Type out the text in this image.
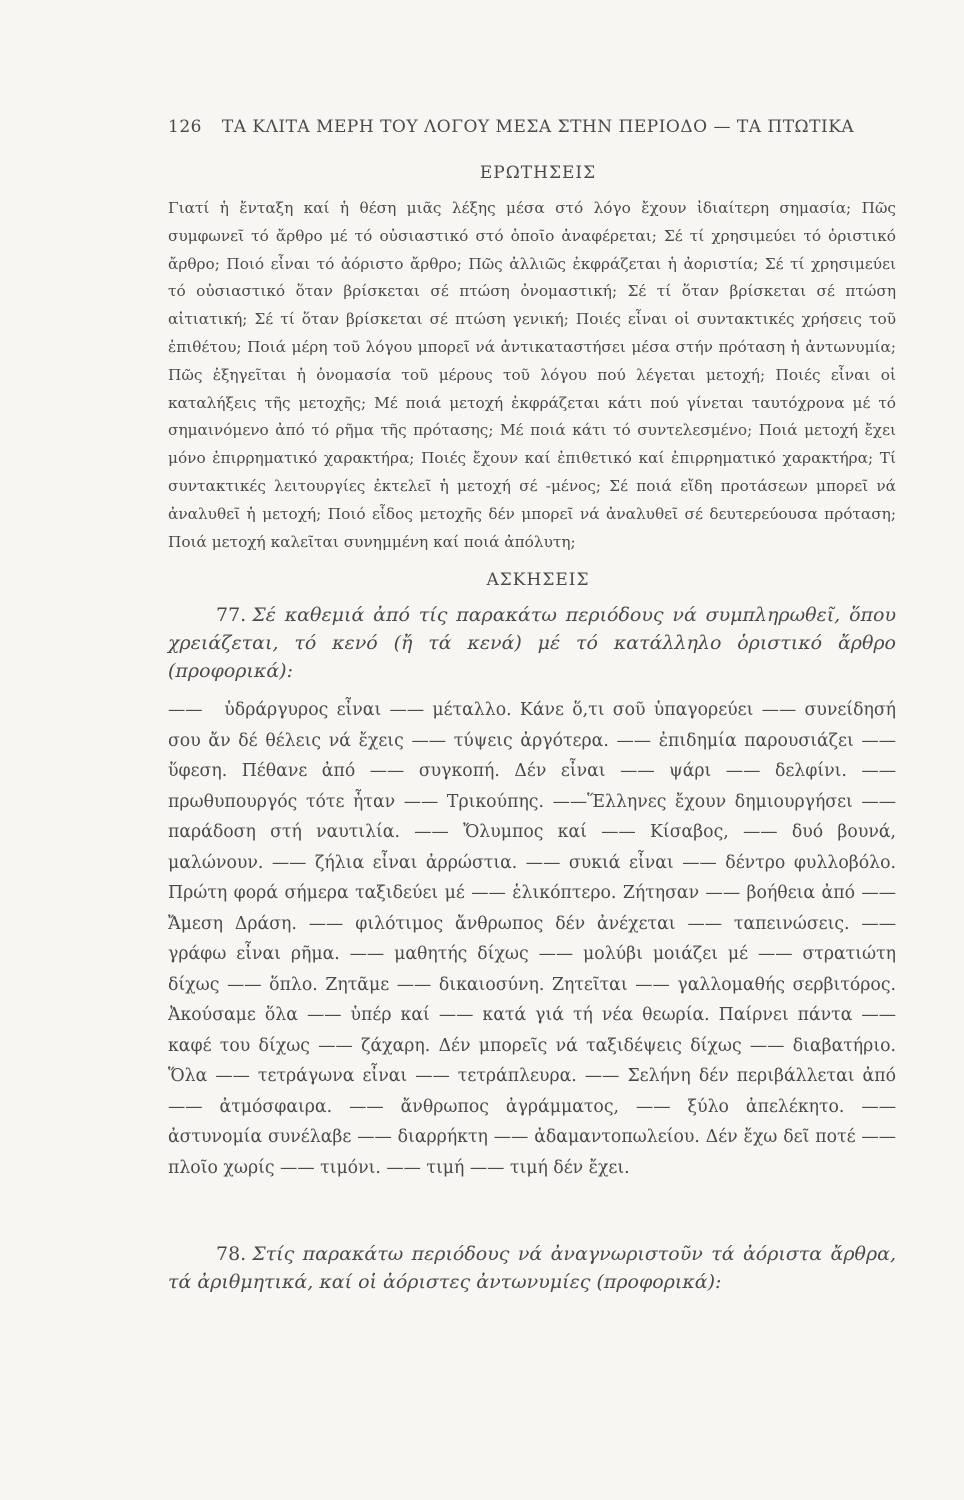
126 ΤΑ ΚΛΙΤΑ ΜΕΡΗ ΤΟΥ ΛΟΓΟΥ ΜΕΣΑ ΣΤΗΝ ΠΕΡΙΟΔΟ — ΤΑ ΠΤΩΤΙΚΑ
ΕΡΩΤΗΣΕΙΣ
Γιατί ἡ ἔνταξη καί ἡ θέση μιᾶς λέξης μέσα στό λόγο ἔχουν ἰδιαίτερη σημασία; Πῶς συμφωνεῖ τό ἄρθρο μέ τό οὐσιαστικό στό ὁποῖο ἀναφέρεται; Σέ τί χρησιμεύει τό ὁριστικό ἄρθρο; Ποιό εἶναι τό ἀόριστο ἄρθρο; Πῶς ἀλλιῶς ἐκφράζεται ἡ ἀοριστία; Σέ τί χρησιμεύει τό οὐσιαστικό ὅταν βρίσκεται σέ πτώση ὀνομαστική; Σέ τί ὅταν βρίσκεται σέ πτώση αἰτιατική; Σέ τί ὅταν βρίσκεται σέ πτώση γενική; Ποιές εἶναι οἱ συντακτικές χρήσεις τοῦ ἐπιθέτου; Ποιά μέρη τοῦ λόγου μπορεῖ νά ἀντικαταστήσει μέσα στήν πρόταση ἡ ἀντωνυμία; Πῶς ἐξηγεῖται ἡ ὀνομασία τοῦ μέρους τοῦ λόγου πού λέγεται μετοχή; Ποιές εἶναι οἱ καταλήξεις τῆς μετοχῆς; Μέ ποιά μετοχή ἐκφράζεται κάτι πού γίνεται ταυτόχρονα μέ τό σημαινόμενο ἀπό τό ρῆμα τῆς πρότασης; Μέ ποιά κάτι τό συντελεσμένο; Ποιά μετοχή ἔχει μόνο ἐπιρρηματικό χαρακτήρα; Ποιές ἔχουν καί ἐπιθετικό καί ἐπιρρηματικό χαρακτήρα; Τί συντακτικές λειτουργίες ἐκτελεῖ ἡ μετοχή σέ -μένος; Σέ ποιά εἴδη προτάσεων μπορεῖ νά ἀναλυθεῖ ἡ μετοχή; Ποιό εἶδος μετοχῆς δέν μπορεῖ νά ἀναλυθεῖ σέ δευτερεύουσα πρόταση; Ποιά μετοχή καλεῖται συνημμένη καί ποιά ἀπόλυτη;
ΑΣΚΗΣΕΙΣ
77. Σέ καθεμιά ἀπό τίς παρακάτω περιόδους νά συμπληρωθεῖ, ὅπου χρειάζεται, τό κενό (ἤ τά κενά) μέ τό κατάλληλο ὁριστικό ἄρθρο (προφορικά):
—— ὑδράργυρος εἶναι —— μέταλλο. Κάνε ὅ,τι σοῦ ὑπαγορεύει —— συνείδησή σου ἄν δέ θέλεις νά ἔχεις —— τύψεις ἀργότερα. —— ἐπιδημία παρουσιάζει —— ὕφεση. Πέθανε ἀπό —— συγκοπή. Δέν εἶναι —— ψάρι —— δελφίνι. —— πρωθυπουργός τότε ἦταν —— Τρικούπης. ——Ἕλληνες ἔχουν δημιουργήσει —— παράδοση στή ναυτιλία. —— Ὄλυμπος καί —— Κίσαβος, —— δυό βουνά, μαλώνουν. —— ζήλια εἶναι ἀρρώστια. —— συκιά εἶναι —— δέντρο φυλλοβόλο. Πρώτη φορά σήμερα ταξιδεύει μέ —— ἑλικόπτερο. Ζήτησαν —— βοήθεια ἀπό —— Ἄμεση Δράση. —— φιλότιμος ἄνθρωπος δέν ἀνέχεται —— ταπεινώσεις. —— γράφω εἶναι ρῆμα. —— μαθητής δίχως —— μολύβι μοιάζει μέ —— στρατιώτη δίχως —— ὅπλο. Ζητᾶμε —— δικαιοσύνη. Ζητεῖται —— γαλλομαθής σερβιτόρος. Ἀκούσαμε ὅλα —— ὑπέρ καί —— κατά γιά τή νέα θεωρία. Παίρνει πάντα —— καφέ του δίχως —— ζάχαρη. Δέν μπορεῖς νά ταξιδέψεις δίχως —— διαβατήριο. Ὅλα —— τετράγωνα εἶναι —— τετράπλευρα. —— Σελήνη δέν περιβάλλεται ἀπό —— ἀτμόσφαιρα. —— ἄνθρωπος ἀγράμματος, —— ξύλο ἀπελέκητο. —— ἀστυνομία συνέλαβε —— διαρρήκτη —— ἀδαμαντοπωλείου. Δέν ἔχω δεῖ ποτέ —— πλοῖο χωρίς —— τιμόνι. —— τιμή —— τιμή δέν ἔχει.
78. Στίς παρακάτω περιόδους νά ἀναγνωριστοῦν τά ἀόριστα ἄρθρα, τά ἀριθμητικά, καί οἱ ἀόριστες ἀντωνυμίες (προφορικά):
